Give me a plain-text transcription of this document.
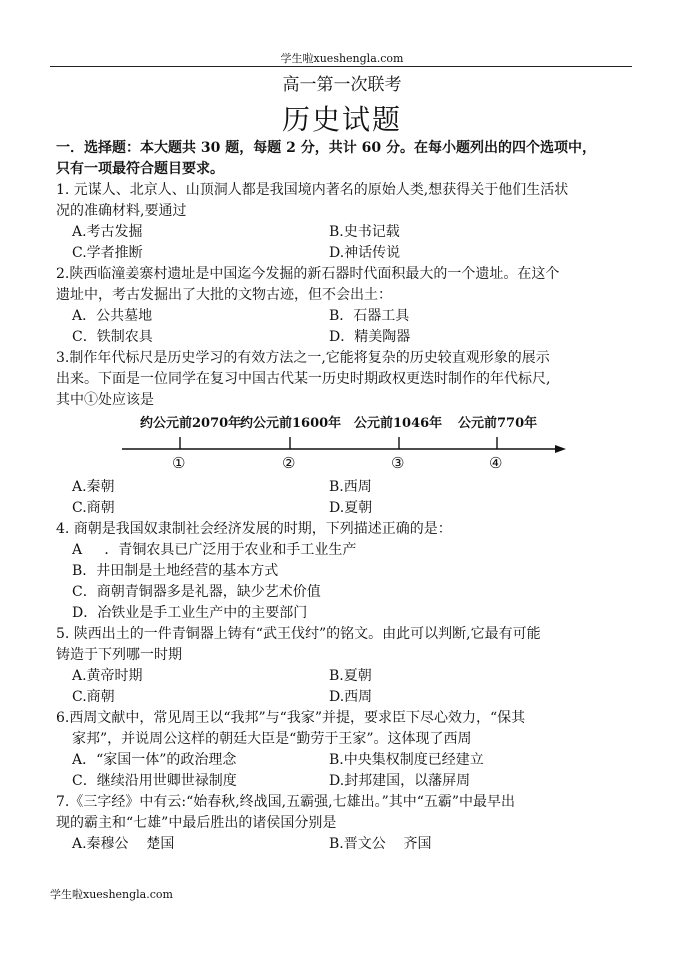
学生啦xueshengla.com
高一第一次联考
历史试题
一．选择题：本大题共 30 题，每题 2 分，共计 60 分。在每小题列出的四个选项中，
只有一项最符合题目要求。
1. 元谋人、北京人、山顶洞人都是我国境内著名的原始人类,想获得关于他们生活状
况的准确材料,要通过
A.考古发掘	B.史书记载
C.学者推断	D.神话传说
2.陕西临潼姜寨村遗址是中国迄今发掘的新石器时代面积最大的一个遗址。在这个
遗址中，考古发掘出了大批的文物古迹，但不会出土：
A．公共墓地	B．石器工具
C．铁制农具	D．精美陶器
3.制作年代标尺是历史学习的有效方法之一,它能将复杂的历史较直观形象的展示
出来。下面是一位同学在复习中国古代某一历史时期政权更迭时制作的年代标尺,
其中①处应该是
约公元前2070年
约公元前1600年 公元前1046年 公元前770年
①	②	③	④
A.秦朝	B.西周
C.商朝	D.夏朝
4. 商朝是我国奴隶制社会经济发展的时期，下列描述正确的是：
A     ．青铜农具已广泛用于农业和手工业生产
B．井田制是土地经营的基本方式
C．商朝青铜器多是礼器，缺少艺术价值
D．冶铁业是手工业生产中的主要部门
5. 陕西出土的一件青铜器上铸有“武王伐纣”的铭文。由此可以判断,它最有可能
铸造于下列哪一时期
A.黄帝时期	B.夏朝
C.商朝	D.西周
6.西周文献中，常见周王以“我邦”与“我家”并提，要求臣下尽心效力，“保其
家邦”，并说周公这样的朝廷大臣是“勤劳于王家”。这体现了西周
A．“家国一体”的政治理念	B.中央集权制度已经建立
C．继续沿用世卿世禄制度	D.封邦建国，以藩屏周
7.《三字经》中有云:“始春秋,终战国,五霸强,七雄出。”其中“五霸”中最早出
现的霸主和“七雄”中最后胜出的诸侯国分别是
A.秦穆公    楚国	B.晋文公    齐国
学生啦xueshengla.com
